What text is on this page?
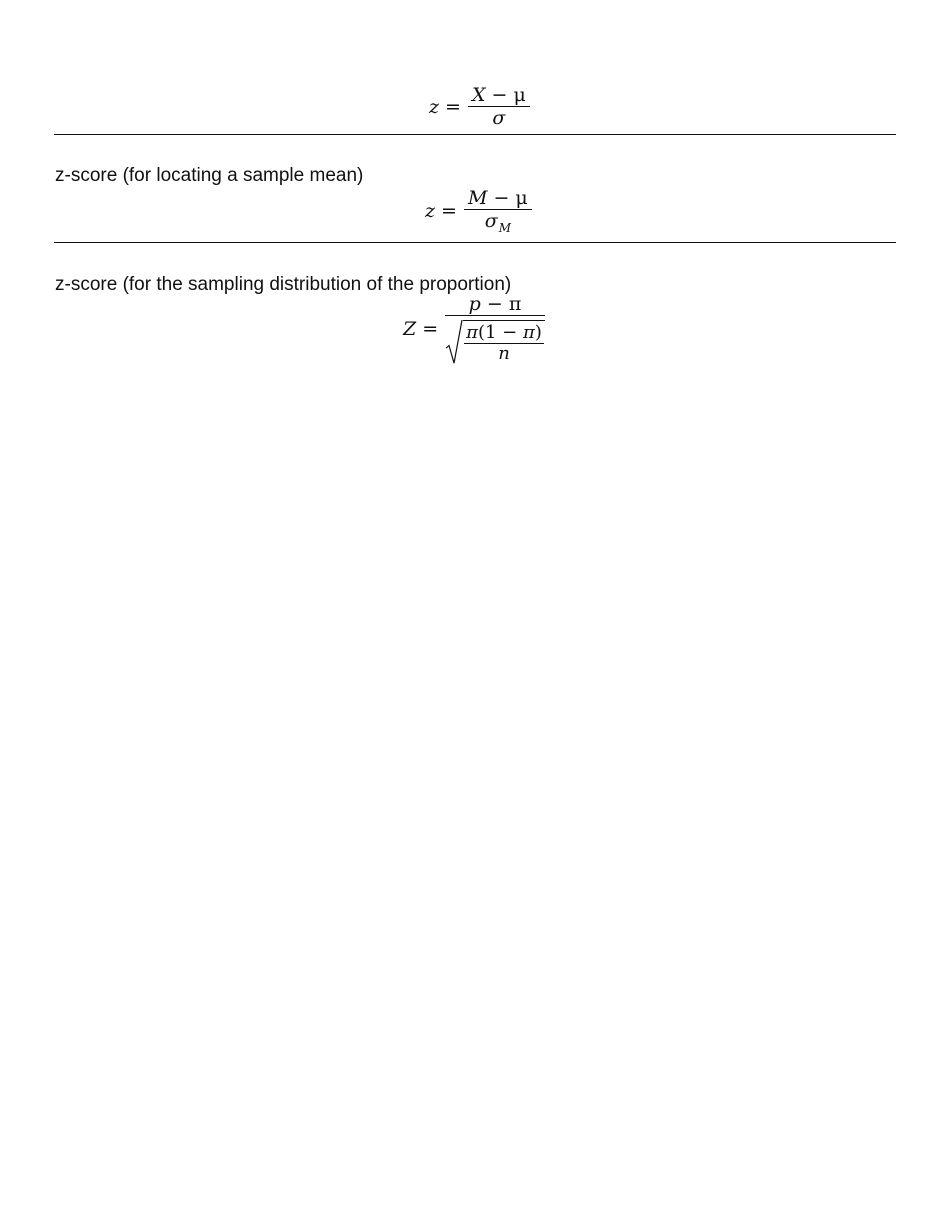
$z = \frac{X - \mu}{\sigma}$
z-score (for locating a sample mean)
$z = \frac{M - \mu}{\sigma_M}$
z-score (for the sampling distribution of the proportion)
$Z = \frac{p - \pi}{\frac{\pi(1 - \pi)}{n}}$
